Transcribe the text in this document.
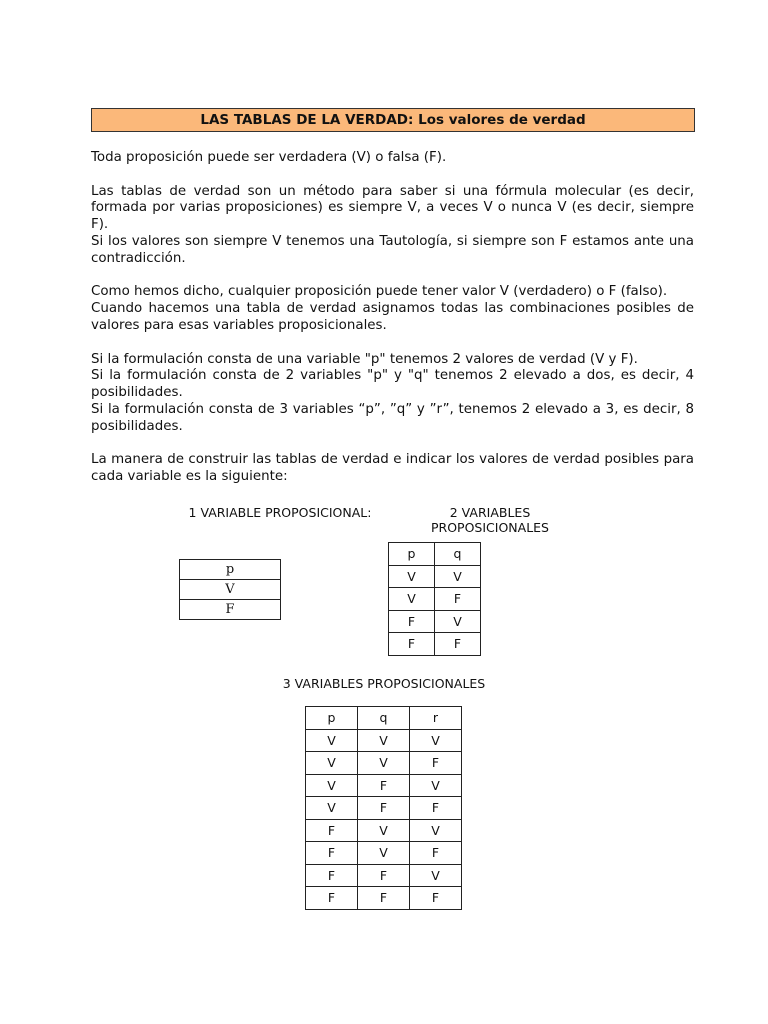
LAS TABLAS DE LA VERDAD: Los valores de verdad

Toda proposición puede ser verdadera (V) o falsa (F).

Las tablas de verdad son un método para saber si una fórmula molecular (es decir, formada por varias proposiciones) es siempre V, a veces V o nunca V (es decir, siempre F).

Si los valores son siempre V tenemos una Tautología, si siempre son F estamos ante una contradicción.

Como hemos dicho, cualquier proposición puede tener valor V (verdadero) o F (falso).

Cuando hacemos una tabla de verdad asignamos todas las combinaciones posibles de valores para esas variables proposicionales.

Si la formulación consta de una variable "p" tenemos 2 valores de verdad (V y F).

Si la formulación consta de 2 variables "p" y "q" tenemos 2 elevado a dos, es decir, 4 posibilidades.

Si la formulación consta de 3 variables “p”, ”q” y ”r”, tenemos 2 elevado a 3, es decir, 8 posibilidades.

La manera de construir las tablas de verdad e indicar los valores de verdad posibles para cada variable es la siguiente:

1 VARIABLE PROPOSICIONAL:	2 VARIABLES
PROPOSICIONALES
3 VARIABLES PROPOSICIONALES
p
V
F
p	q
V	V
V	F
F	V
F	F
p	q	r
V	V	V
V	V	F
V	F	V
V	F	F
F	V	V
F	V	F
F	F	V
F	F	F
